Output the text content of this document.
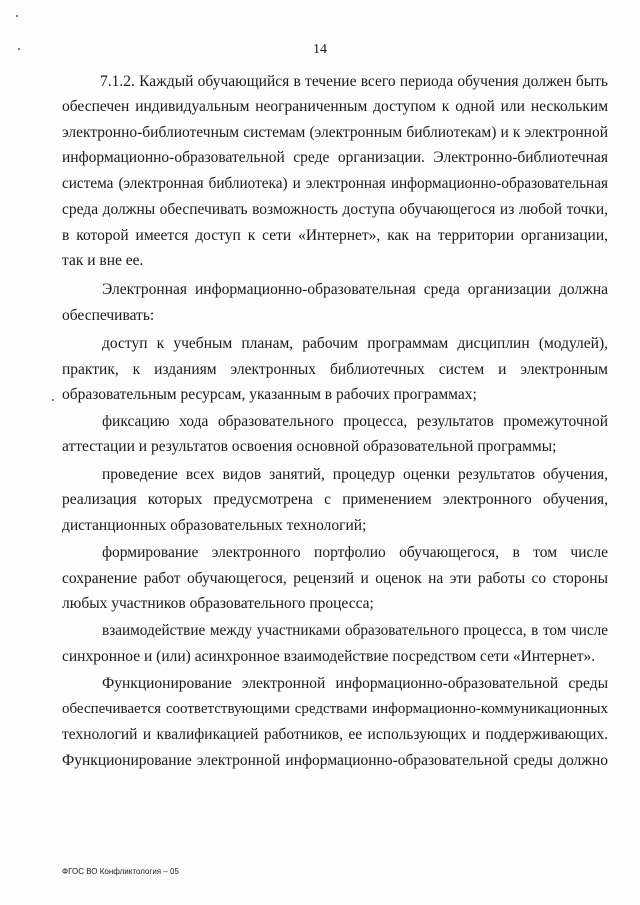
14
7.1.2. Каждый обучающийся в течение всего периода обучения должен быть
обеспечен индивидуальным неограниченным доступом к одной или нескольким
электронно-библиотечным системам (электронным библиотекам) и к электронной
информационно-образовательной среде организации. Электронно-библиотечная
система (электронная библиотека) и электронная информационно-образовательная
среда должны обеспечивать возможность доступа обучающегося из любой точки,
в которой имеется доступ к сети «Интернет», как на территории организации,
так и вне ее.
Электронная информационно-образовательная среда организации должна
обеспечивать:
доступ к учебным планам, рабочим программам дисциплин (модулей),
практик, к изданиям электронных библиотечных систем и электронным
образовательным ресурсам, указанным в рабочих программах;
фиксацию хода образовательного процесса, результатов промежуточной
аттестации и результатов освоения основной образовательной программы;
проведение всех видов занятий, процедур оценки результатов обучения,
реализация которых предусмотрена с применением электронного обучения,
дистанционных образовательных технологий;
формирование электронного портфолио обучающегося, в том числе
сохранение работ обучающегося, рецензий и оценок на эти работы со стороны
любых участников образовательного процесса;
взаимодействие между участниками образовательного процесса, в том числе
синхронное и (или) асинхронное взаимодействие посредством сети «Интернет».
Функционирование электронной информационно-образовательной среды
обеспечивается соответствующими средствами информационно-коммуникационных
технологий и квалификацией работников, ее использующих и поддерживающих.
Функционирование электронной информационно-образовательной среды должно
ФГОС ВО Конфликтология – 05
